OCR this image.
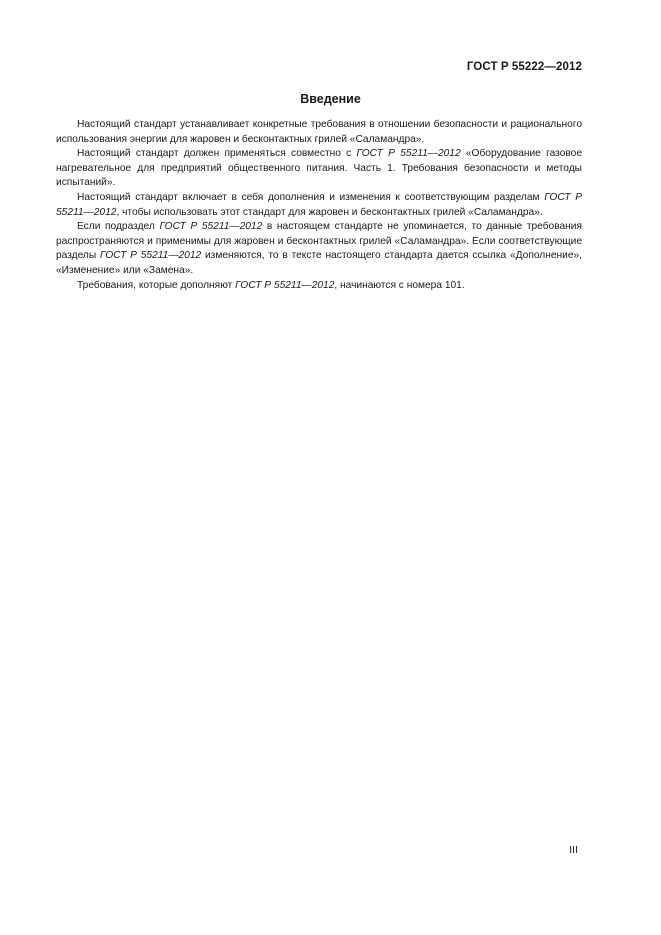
ГОСТ Р 55222—2012
Введение

Настоящий стандарт устанавливает конкретные требования в отношении безопасности и рационального использования энергии для жаровен и бесконтактных грилей «Саламандра».

Настоящий стандарт должен применяться совместно с ГОСТ Р 55211—2012 «Оборудование газовое нагревательное для предприятий общественного питания. Часть 1. Требования безопасности и методы испытаний».

Настоящий стандарт включает в себя дополнения и изменения к соответствующим разделам ГОСТ Р 55211—2012, чтобы использовать этот стандарт для жаровен и бесконтактных грилей «Саламандра».

Если подраздел ГОСТ Р 55211—2012 в настоящем стандарте не упоминается, то данные требования распространяются и применимы для жаровен и бесконтактных грилей «Саламандра». Если соответствующие разделы ГОСТ Р 55211—2012 изменяются, то в тексте настоящего стандарта дается ссылка «Дополнение», «Изменение» или «Замена».

Требования, которые дополняют ГОСТ Р 55211—2012, начинаются с номера 101.

III
